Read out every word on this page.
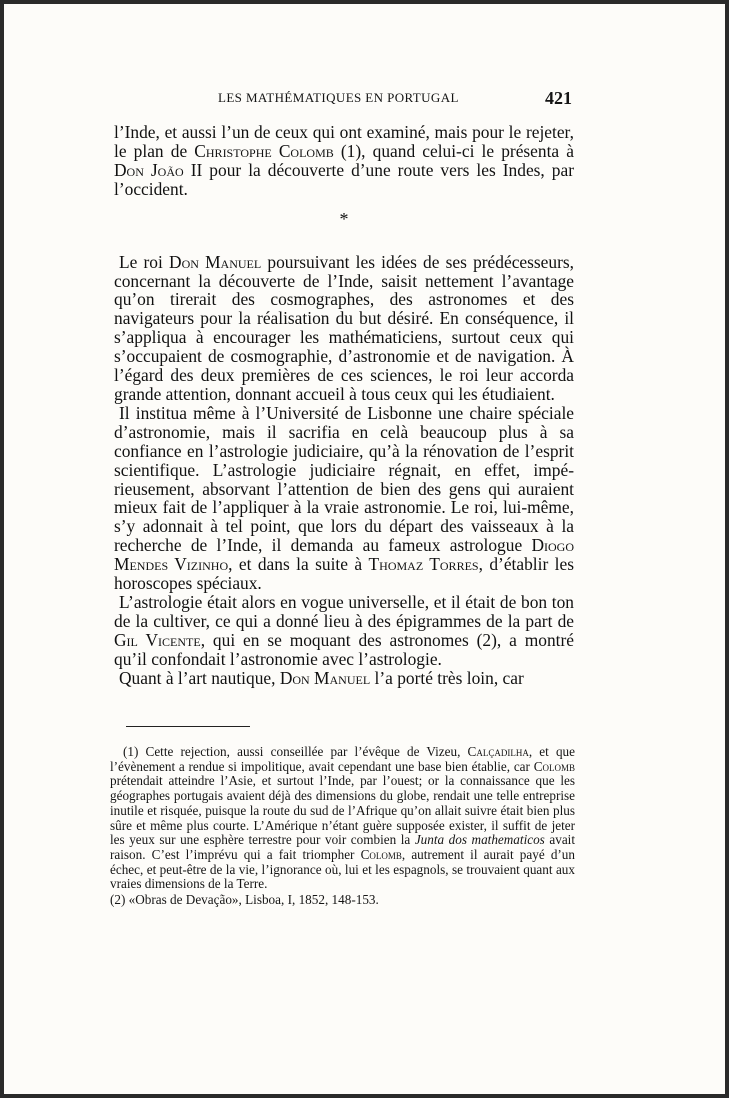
LES MATHÉMATIQUES EN PORTUGAL	421

l’Inde, et aussi l’un de ceux qui ont examiné, mais pour le rejeter, le plan de Christophe Colomb (1), quand celui-ci le présenta à Don João II pour la découverte d’une route vers les Indes, par l’occident.

*

Le roi Don Manuel poursuivant les idées de ses prédécesseurs, concernant la découverte de l’Inde, saisit nettement l’avantage qu’on tirerait des cosmographes, des astronomes et des navigateurs pour la réalisation du but désiré. En conséquence, il s’appliqua à encourager les mathématiciens, surtout ceux qui s’occupaient de cosmographie, d’astronomie et de navigation. À l’égard des deux premières de ces sciences, le roi leur accorda grande attention, donnant accueil à tous ceux qui les étudiaient.

Il institua même à l’Université de Lisbonne une chaire spéciale d’astronomie, mais il sacrifia en celà beaucoup plus à sa confiance en l’astrologie judiciaire, qu’à la rénovation de l’esprit scientifique. L’astrologie judiciaire régnait, en effet, impérieusement, absorvant l’attention de bien des gens qui auraient mieux fait de l’appliquer à la vraie astronomie. Le roi, lui-même, s’y adonnait à tel point, que lors du départ des vaisseaux à la recherche de l’Inde, il demanda au fameux astrologue Diogo Mendes Vizinho, et dans la suite à Thomaz Torres, d’établir les horoscopes spéciaux.

L’astrologie était alors en vogue universelle, et il était de bon ton de la cultiver, ce qui a donné lieu à des épigrammes de la part de Gil Vicente, qui en se moquant des astronomes (2), a montré qu’il confondait l’astronomie avec l’astrologie.

Quant à l’art nautique, Don Manuel l’a porté très loin, car

(1) Cette rejection, aussi conseillée par l’évêque de Vizeu, Calçadilha, et que l’évènement a rendue si impolitique, avait cependant une base bien établie, car Colomb prétendait atteindre l’Asie, et surtout l’Inde, par l’ouest; or la connaissance que les géographes portugais avaient déjà des dimensions du globe, rendait une telle entreprise inutile et risquée, puisque la route du sud de l’Afrique qu’on allait suivre était bien plus sûre et même plus courte. L’Amérique n’étant guère supposée exister, il suffit de jeter les yeux sur une esphère terrestre pour voir combien la Junta dos mathematicos avait raison. C’est l’imprévu qui a fait triompher Colomb, autrement il aurait payé d’un échec, et peut-être de la vie, l’ignorance où, lui et les espagnols, se trouvaient quant aux vraies dimensions de la Terre.

(2) «Obras de Devação», Lisboa, I, 1852, 148-153.
